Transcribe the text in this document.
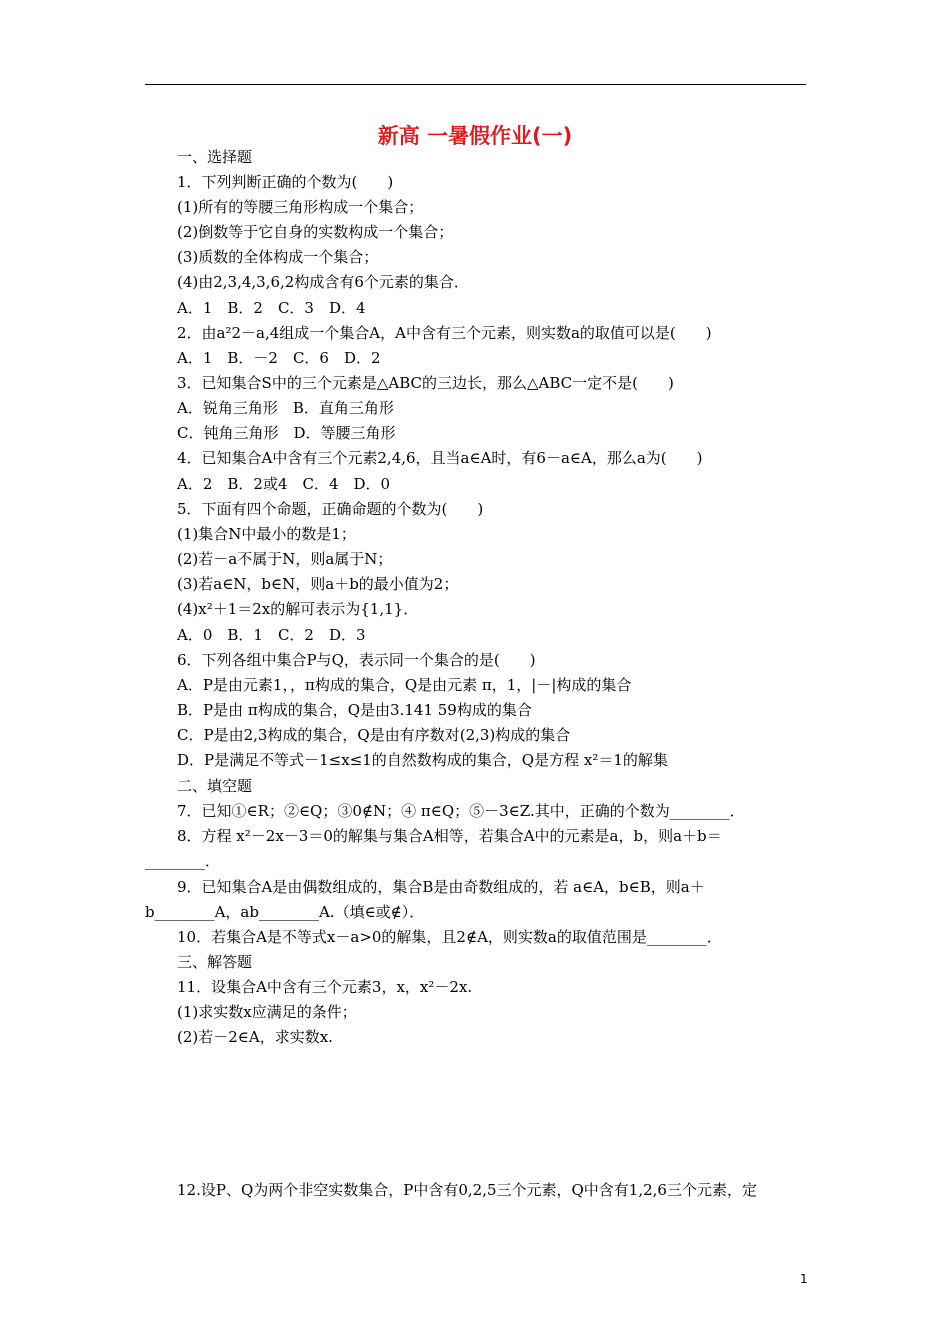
新高 一暑假作业(一)
一、选择题
1．下列判断正确的个数为(　　)
(1)所有的等腰三角形构成一个集合；
(2)倒数等于它自身的实数构成一个集合；
(3)质数的全体构成一个集合；
(4)由2,3,4,3,6,2构成含有6个元素的集合．
A．1　B．2　C．3　D．4
2．由a²2－a,4组成一个集合A，A中含有三个元素，则实数a的取值可以是(　　)
A．1　B．－2　C．6　D．2
3．已知集合S中的三个元素是△ABC的三边长，那么△ABC一定不是(　　)
A．锐角三角形　B．直角三角形
C．钝角三角形　D．等腰三角形
4．已知集合A中含有三个元素2,4,6，且当a∈A时，有6－a∈A，那么a为(　　)
A．2　B．2或4　C．4　D．0
5．下面有四个命题，正确命题的个数为(　　)
(1)集合N中最小的数是1；
(2)若－a不属于N，则a属于N；
(3)若a∈N，b∈N，则a＋b的最小值为2；
(4)x²＋1＝2x的解可表示为{1,1}．
A．0　B．1　C．2　D．3
6．下列各组中集合P与Q，表示同一个集合的是(　　)
A．P是由元素1，，π构成的集合，Q是由元素 π，1，|－|构成的集合
B．P是由 π构成的集合，Q是由3.141 59构成的集合
C．P是由2,3构成的集合，Q是由有序数对(2,3)构成的集合
D．P是满足不等式－1≤x≤1的自然数构成的集合，Q是方程 x²＝1的解集
二、填空题
7．已知①∈R；②∈Q；③0∉N；④ π∈Q；⑤－3∈Z.其中，正确的个数为________．
8．方程 x²－2x－3＝0的解集与集合A相等，若集合A中的元素是a，b，则a＋b＝
________．
9．已知集合A是由偶数组成的，集合B是由奇数组成的，若 a∈A，b∈B，则a＋
b________A，ab________A.（填∈或∉）．
10．若集合A是不等式x－a>0的解集，且2∉A，则实数a的取值范围是________．
三、解答题
11．设集合A中含有三个元素3，x，x²－2x.
(1)求实数x应满足的条件；
(2)若－2∈A，求实数x.
12.设P、Q为两个非空实数集合，P中含有0,2,5三个元素，Q中含有1,2,6三个元素，定
1
